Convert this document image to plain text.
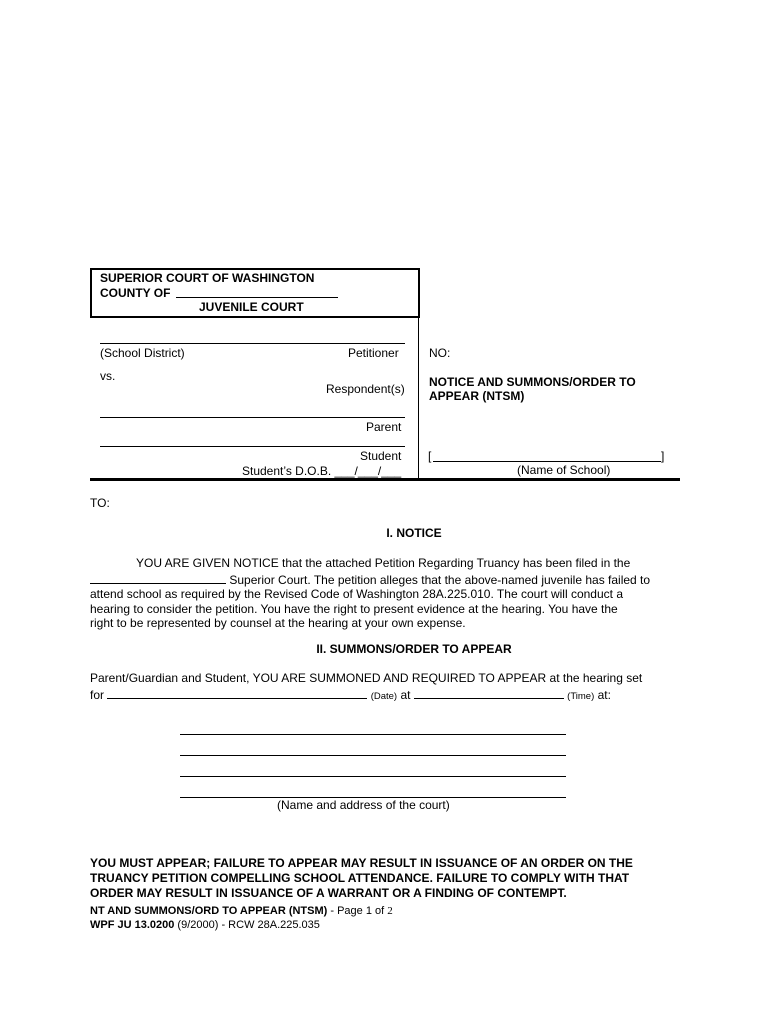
SUPERIOR COURT OF WASHINGTON
COUNTY OF
JUVENILE COURT
(School District)	Petitioner
vs.
Respondent(s)
Parent
Student
Student’s D.O.B. ___/___/___
NO:
NOTICE AND SUMMONS/ORDER TO
APPEAR (NTSM)
[	]
(Name of School)
TO:
I. NOTICE
YOU ARE GIVEN NOTICE that the attached Petition Regarding Truancy has been filed in the
Superior Court. The petition alleges that the above-named juvenile has failed to
attend school as required by the Revised Code of Washington 28A.225.010. The court will conduct a
hearing to consider the petition. You have the right to present evidence at the hearing. You have the
right to be represented by counsel at the hearing at your own expense.
II. SUMMONS/ORDER TO APPEAR
Parent/Guardian and Student, YOU ARE SUMMONED AND REQUIRED TO APPEAR at the hearing set
for	(Date) at	(Time) at:
(Name and address of the court)
YOU MUST APPEAR; FAILURE TO APPEAR MAY RESULT IN ISSUANCE OF AN ORDER ON THE
TRUANCY PETITION COMPELLING SCHOOL ATTENDANCE. FAILURE TO COMPLY WITH THAT
ORDER MAY RESULT IN ISSUANCE OF A WARRANT OR A FINDING OF CONTEMPT.
NT AND SUMMONS/ORD TO APPEAR (NTSM) - Page 1 of 2
WPF JU 13.0200 (9/2000) - RCW 28A.225.035
